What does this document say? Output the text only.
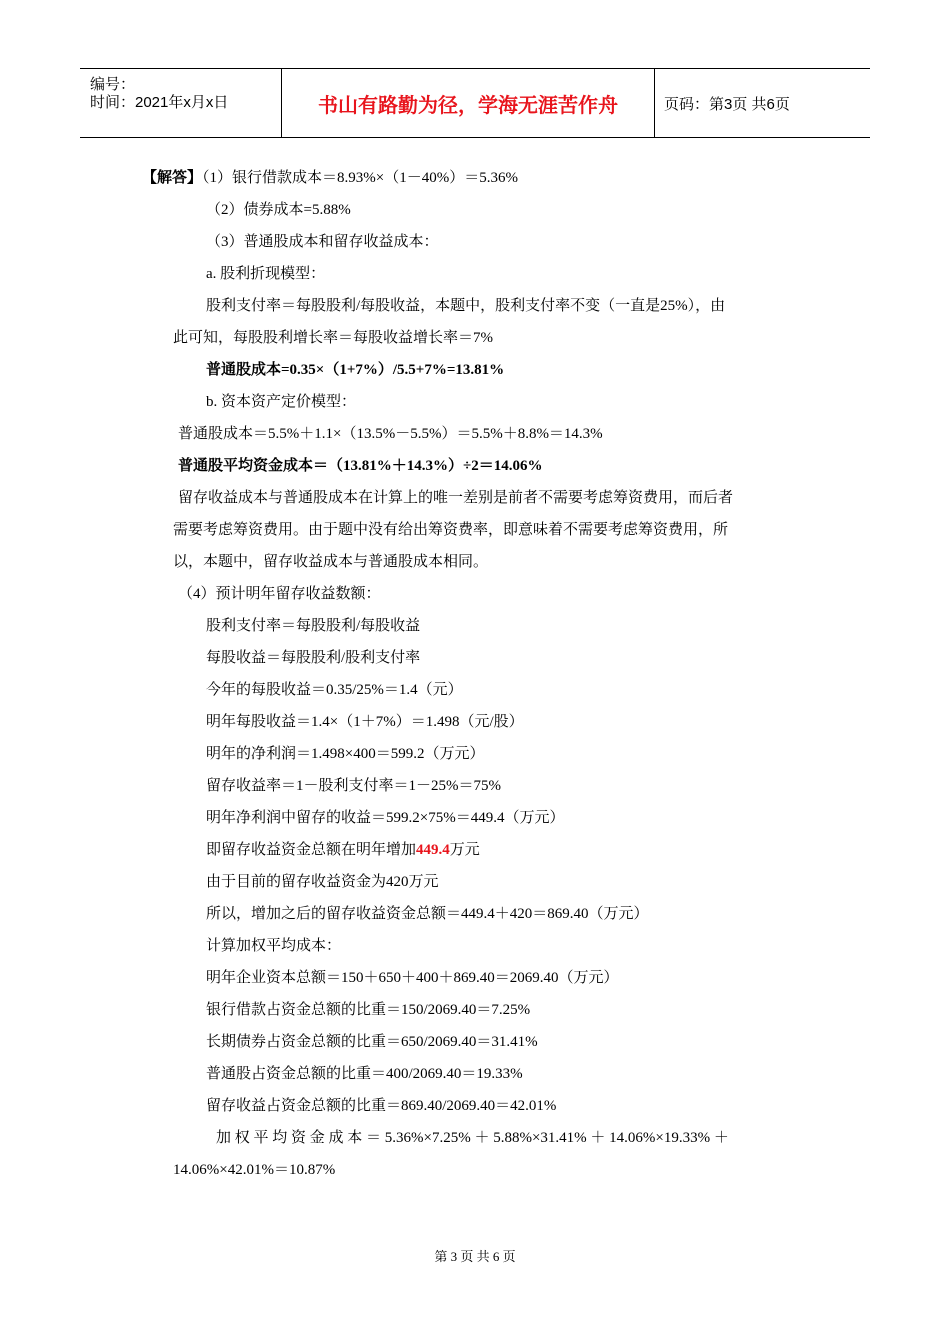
编号：
时间：2021年x月x日	书山有路勤为径，学海无涯苦作舟	页码：第3页 共6页
【解答】（1）银行借款成本＝8.93%×（1－40%）＝5.36%
（2）债券成本=5.88%
（3）普通股成本和留存收益成本：
a. 股利折现模型：
股利支付率＝每股股利/每股收益，本题中，股利支付率不变（一直是25%），由
此可知，每股股利增长率＝每股收益增长率＝7%
普通股成本=0.35×（1+7%）/5.5+7%=13.81%
b. 资本资产定价模型：
普通股成本＝5.5%＋1.1×（13.5%－5.5%）＝5.5%＋8.8%＝14.3%
普通股平均资金成本＝（13.81%＋14.3%）÷2＝14.06%
留存收益成本与普通股成本在计算上的唯一差别是前者不需要考虑筹资费用，而后者
需要考虑筹资费用。由于题中没有给出筹资费率，即意味着不需要考虑筹资费用，所
以，本题中，留存收益成本与普通股成本相同。
（4）预计明年留存收益数额：
股利支付率＝每股股利/每股收益
每股收益＝每股股利/股利支付率
今年的每股收益＝0.35/25%＝1.4（元）
明年每股收益＝1.4×（1＋7%）＝1.498（元/股）
明年的净利润＝1.498×400＝599.2（万元）
留存收益率＝1－股利支付率＝1－25%＝75%
明年净利润中留存的收益＝599.2×75%＝449.4（万元）
即留存收益资金总额在明年增加449.4万元
由于目前的留存收益资金为420万元
所以，增加之后的留存收益资金总额＝449.4＋420＝869.40（万元）
计算加权平均成本：
明年企业资本总额＝150＋650＋400＋869.40＝2069.40（万元）
银行借款占资金总额的比重＝150/2069.40＝7.25%
长期债券占资金总额的比重＝650/2069.40＝31.41%
普通股占资金总额的比重＝400/2069.40＝19.33%
留存收益占资金总额的比重＝869.40/2069.40＝42.01%
加 权 平 均 资 金 成 本 ＝ 5.36%×7.25% ＋ 5.88%×31.41% ＋ 14.06%×19.33% ＋
14.06%×42.01%＝10.87%
第 3 页 共 6 页
